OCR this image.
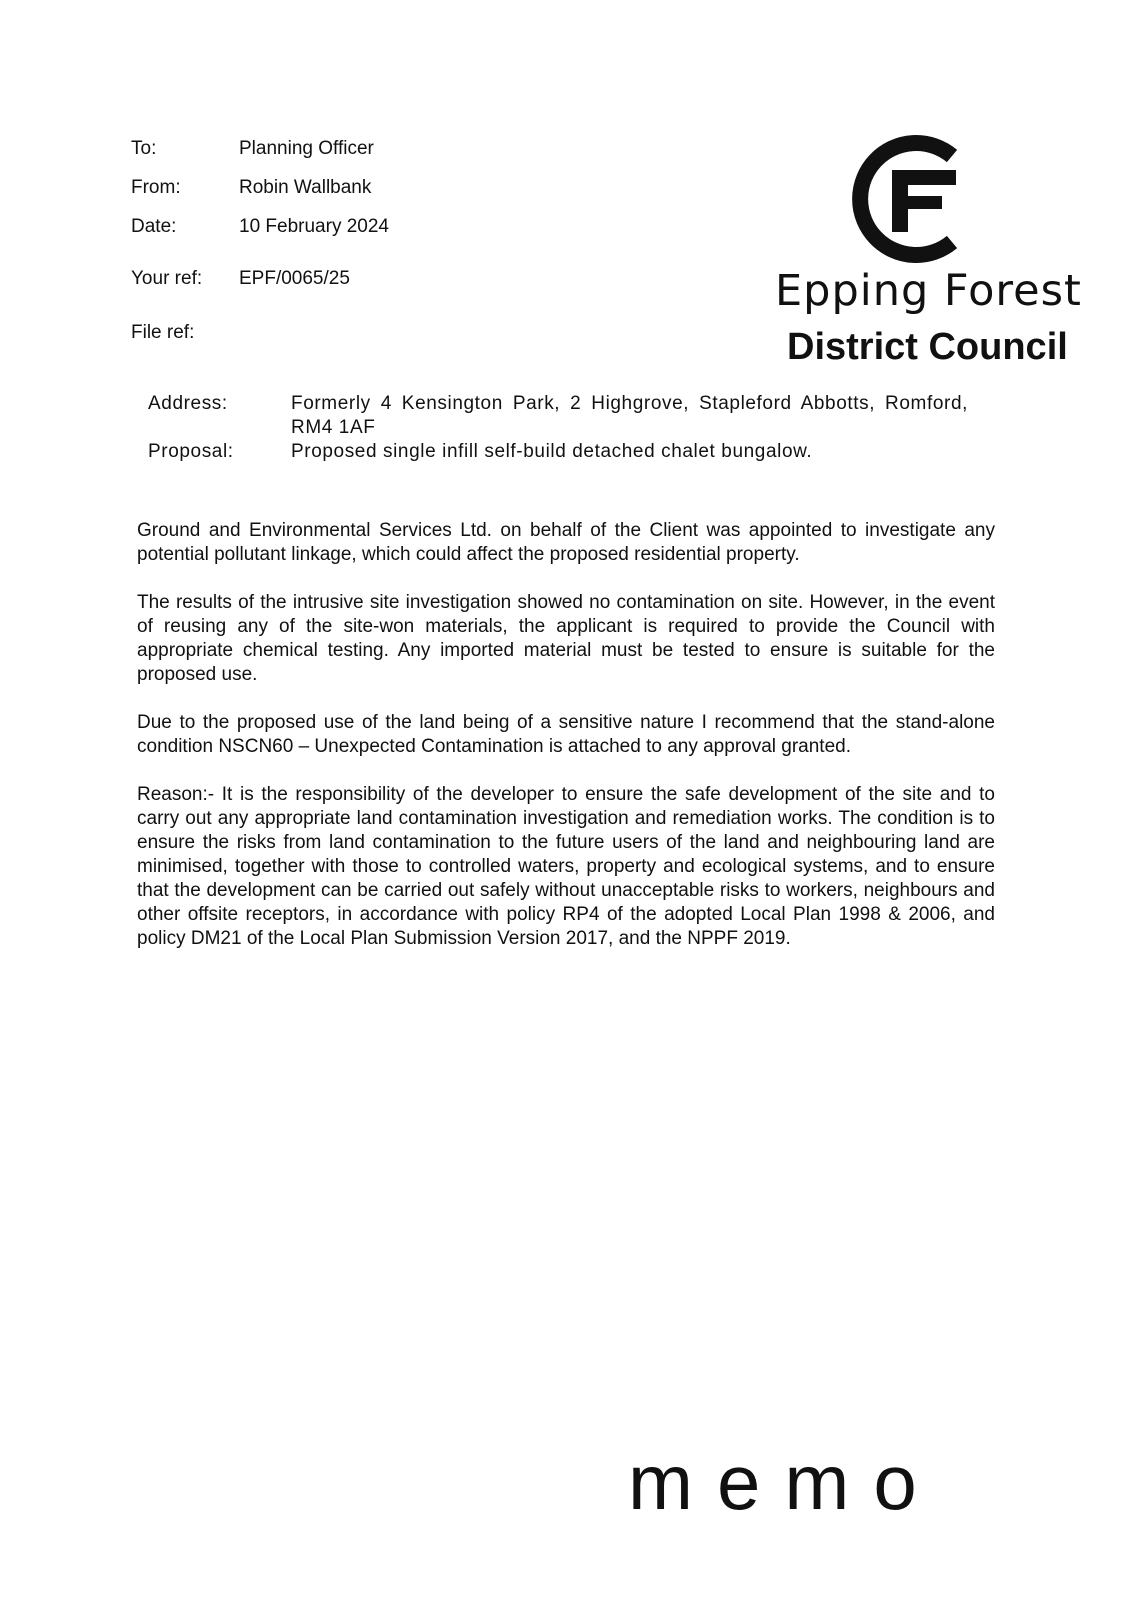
To:	Planning Officer
From:	Robin Wallbank
Date:	10 February 2024
Your ref: EPF/0065/25
File ref:
Epping Forest
District Council
Address:	Formerly 4 Kensington Park, 2 Highgrove, Stapleford Abbotts, Romford, RM4 1AF
Proposal:	Proposed single infill self-build detached chalet bungalow.

Ground and Environmental Services Ltd. on behalf of the Client was appointed to investigate any potential pollutant linkage, which could affect the proposed residential property.

The results of the intrusive site investigation showed no contamination on site. However, in the event of reusing any of the site-won materials, the applicant is required to provide the Council with appropriate chemical testing. Any imported material must be tested to ensure is suitable for the proposed use.

Due to the proposed use of the land being of a sensitive nature I recommend that the stand-alone condition NSCN60 – Unexpected Contamination is attached to any approval granted.

Reason:- It is the responsibility of the developer to ensure the safe development of the site and to carry out any appropriate land contamination investigation and remediation works. The condition is to ensure the risks from land contamination to the future users of the land and neighbouring land are minimised, together with those to controlled waters, property and ecological systems, and to ensure that the development can be carried out safely without unacceptable risks to workers, neighbours and other offsite receptors, in accordance with policy RP4 of the adopted Local Plan 1998 & 2006, and policy DM21 of the Local Plan Submission Version 2017, and the NPPF 2019.

memo
